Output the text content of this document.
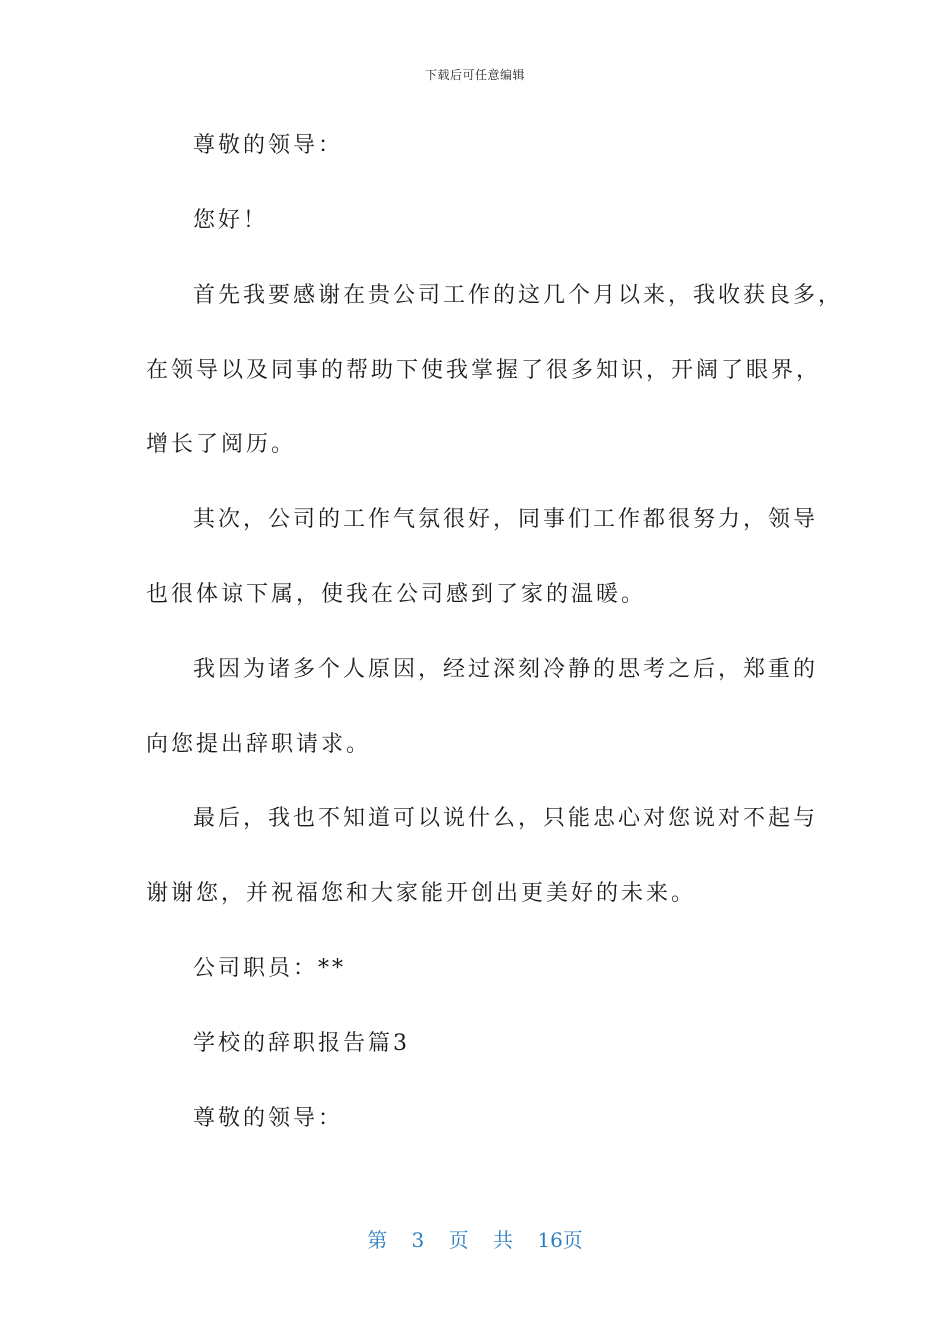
下载后可任意编辑
尊敬的领导：
您好！
首先我要感谢在贵公司工作的这几个月以来，我收获良多，
在领导以及同事的帮助下使我掌握了很多知识，开阔了眼界，
增长了阅历。
其次，公司的工作气氛很好，同事们工作都很努力，领导
也很体谅下属，使我在公司感到了家的温暖。
我因为诸多个人原因，经过深刻冷静的思考之后，郑重的
向您提出辞职请求。
最后，我也不知道可以说什么，只能忠心对您说对不起与
谢谢您，并祝福您和大家能开创出更美好的未来。
公司职员：**
学校的辞职报告篇3
尊敬的领导：
第 3 页 共 16页
